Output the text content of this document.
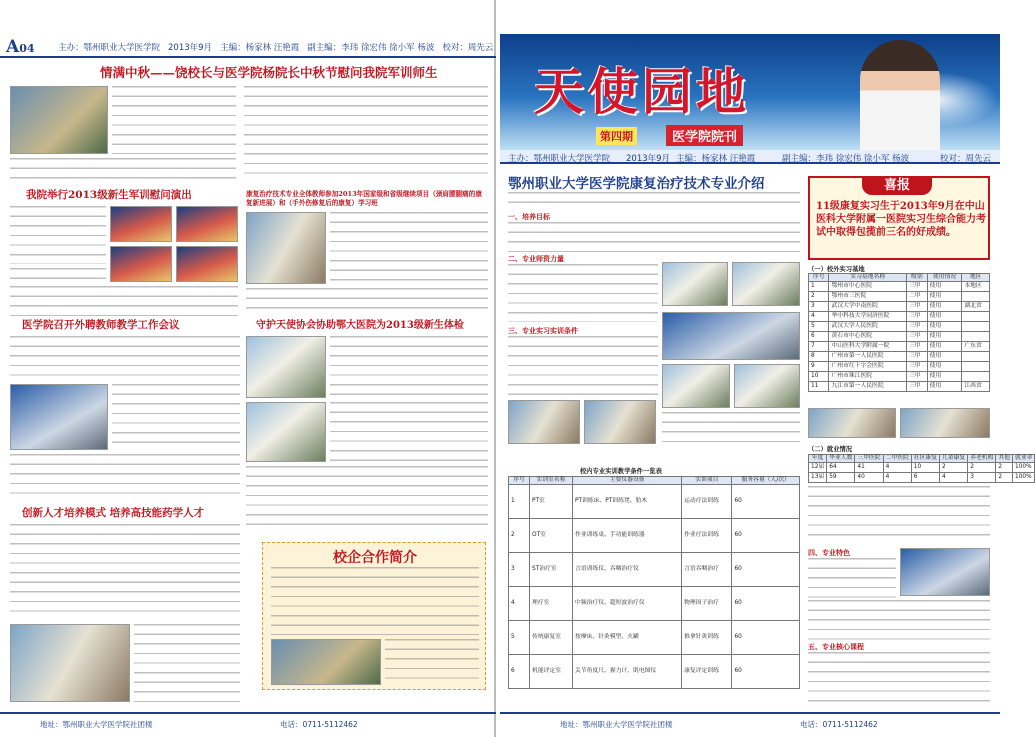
A04	主办：鄂州职业大学医学院 2013年9月 主编：杨家林 汪艳霞 副主编：李玮 徐宏伟 徐小军 杨波 校对：周先云
情满中秋——饶校长与医学院杨院长中秋节慰问我院军训师生
我院举行2013级新生军训慰问演出	康复治疗技术专业全体教师参加2013年国家级和省级继续项目（颈肩腰腿痛的康复新进展）和（手外伤修复后的康复）学习班
医学院召开外聘教师教学工作会议	守护天使协会协助鄂大医院为2013级新生体检
创新人才培养模式 培养高技能药学人才
校企合作简介
地址：鄂州职业大学医学院社团楼	电话：0711-5112462
天使园地
第四期	医学院院刊
主办：鄂州职业大学医学院 2013年9月 主编：杨家林 汪艳霞	副主编：李玮 徐宏伟 徐小军 杨波	校对：周先云
鄂州职业大学医学院康复治疗技术专业介绍
一、培养目标
二、专业师资力量
三、专业实习实训条件
喜报
11级康复实习生于2013年9月在中山医科大学附属一医院实习生综合能力考试中取得包揽前三名的好成绩。
（一）校外实习基地
序号	实习基地名称	级别	使用情况	地区
1	鄂州市中心医院	三甲	使用	本地区
2	鄂州市三医院	二甲	使用	
3	武汉大学中南医院	三甲	使用	湖北省
4	华中科技大学同济医院	三甲	使用	
5	武汉大学人民医院	三甲	使用	
6	黄石市中心医院	三甲	使用	
7	中山医科大学附属一院	三甲	使用	广东省
8	广州市第一人民医院	三甲	使用	
9	广州市红十字会医院	三甲	使用	
10	广州市珠江医院	三甲	使用	
11	九江市第一人民医院	三甲	使用	江西省
（二）就业情况
年度	毕业人数	三甲医院	二甲医院	社区康复	儿童康复	养老机构	其他	就业率
12届	64	41	4	10	2	2	2	100%
13届	59	40	4	6	4	3	2	100%
四、专业特色
五、专业核心课程
校内专业实训教学条件一览表
序号	实训室名称	主要仪器设备	实训项目	服务容量（人/次）
1	PT室	PT训练床、PT训练凳、肋木	运动疗法训练	60
2	OT室	作业训练桌、手功能训练器	作业疗法训练	60
3	ST治疗室	言语训练仪、吞咽治疗仪	言语吞咽治疗	60
4	理疗室	中频治疗仪、超短波治疗仪	物理因子治疗	60
5	传统康复室	按摩床、针灸模型、火罐	推拿针灸训练	60
6	机能评定室	关节角度尺、握力计、肌电图仪	康复评定训练	60
地址：鄂州职业大学医学院社团楼	电话：0711-5112462
